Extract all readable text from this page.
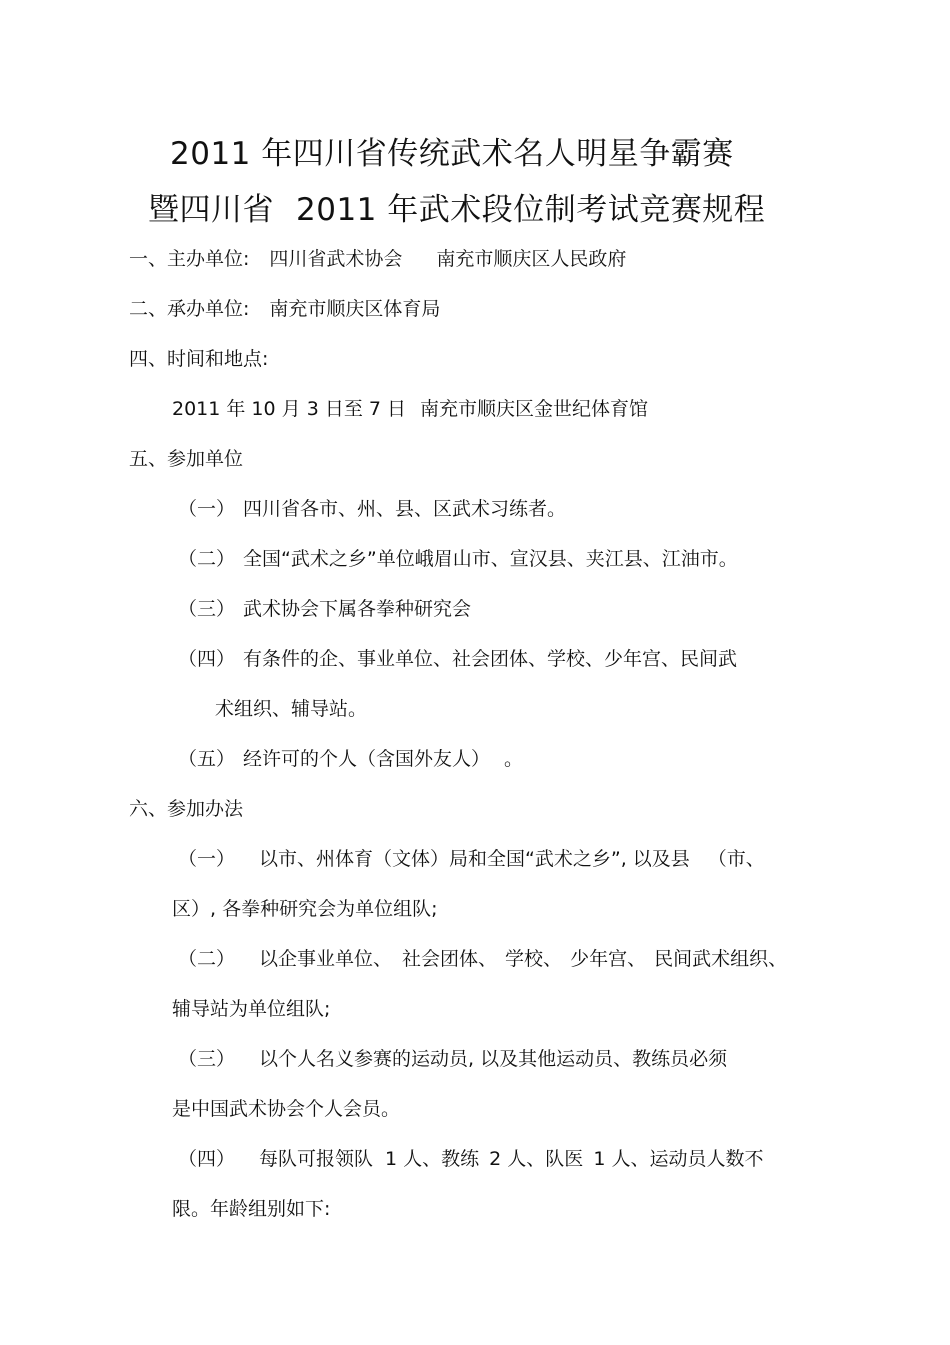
2011 年四川省传统武术名人明星争霸赛
暨四川省 2011 年武术段位制考试竞赛规程
一、主办单位: 四川省武术协会 南充市顺庆区人民政府
二、承办单位: 南充市顺庆区体育局
四、时间和地点:
2011 年 10 月 3 日至 7 日 南充市顺庆区金世纪体育馆
五、参加单位
（一） 四川省各市、州、县、区武术习练者。
（二） 全国“武术之乡”单位峨眉山市、宣汉县、夹江县、江油市。
（三） 武术协会下属各拳种研究会
（四） 有条件的企、事业单位、社会团体、学校、少年宫、民间武
术组织、辅导站。
（五） 经许可的个人（含国外友人） 。
六、参加办法
（一） 以市、州体育（文体）局和全国“武术之乡”, 以及县 （市、
区）, 各拳种研究会为单位组队;
（二） 以企事业单位、 社会团体、 学校、 少年宫、 民间武术组织、
辅导站为单位组队;
（三） 以个人名义参赛的运动员, 以及其他运动员、教练员必须
是中国武术协会个人会员。
（四） 每队可报领队 1 人、教练 2 人、队医 1 人、运动员人数不
限。年龄组别如下:
